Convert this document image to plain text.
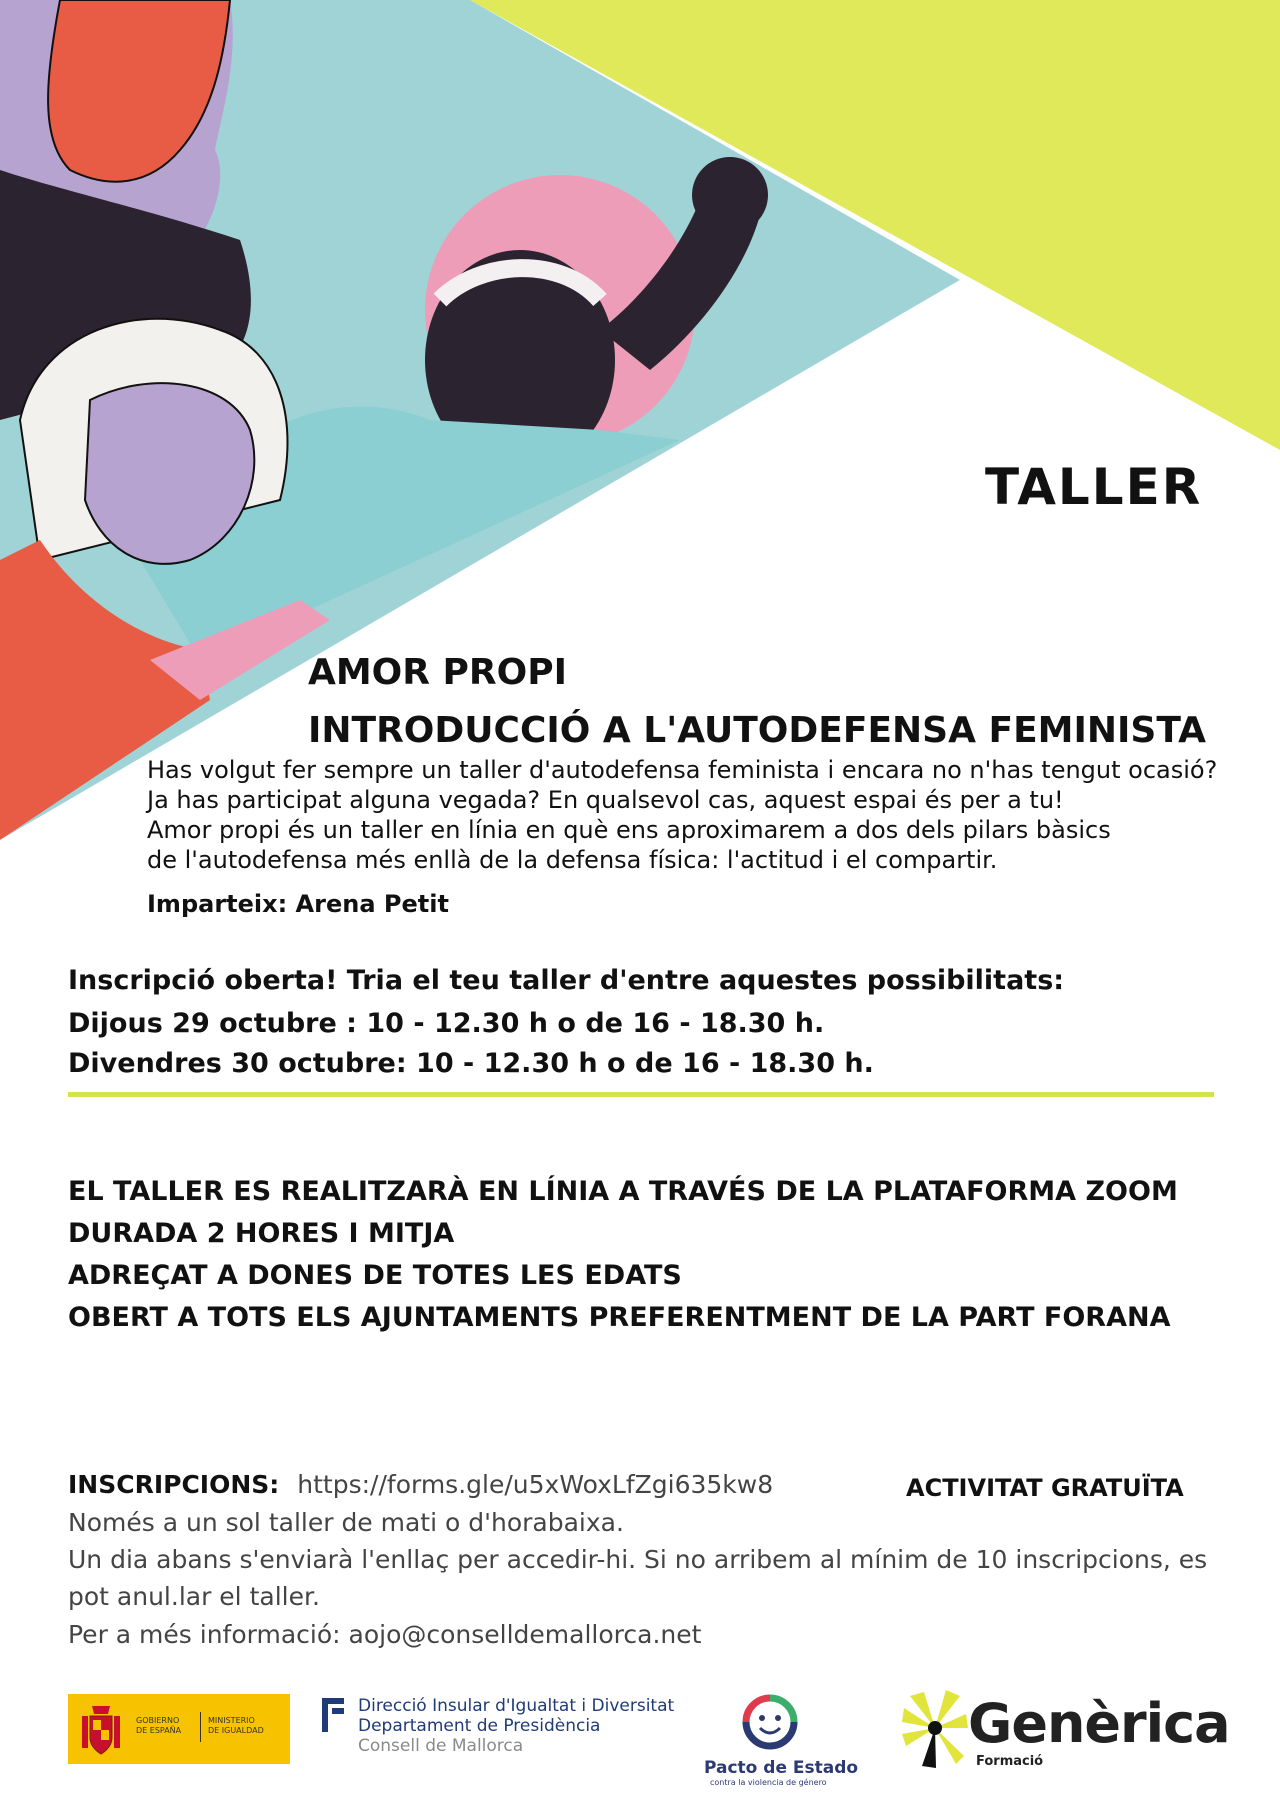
TALLER
AMOR PROPI
INTRODUCCIÓ A L'AUTODEFENSA FEMINISTA
Has volgut fer sempre un taller d'autodefensa feminista i encara no n'has tengut ocasió?
Ja has participat alguna vegada? En qualsevol cas, aquest espai és per a tu!
Amor propi és un taller en línia en què ens aproximarem a dos dels pilars bàsics
de l'autodefensa més enllà de la defensa física: l'actitud i el compartir.
Imparteix: Arena Petit
Inscripció oberta! Tria el teu taller d'entre aquestes possibilitats:
Dijous 29 octubre : 10 - 12.30 h o de 16 - 18.30 h.
Divendres 30 octubre: 10 - 12.30 h o de 16 - 18.30 h.
EL TALLER ES REALITZARÀ EN LÍNIA A TRAVÉS DE LA PLATAFORMA ZOOM
DURADA 2 HORES I MITJA
ADREÇAT A DONES DE TOTES LES EDATS
OBERT A TOTS ELS AJUNTAMENTS PREFERENTMENT DE LA PART FORANA
INSCRIPCIONS: https://forms.gle/u5xWoxLfZgi635kw8	ACTIVITAT GRATUÏTA
Només a un sol taller de mati o d'horabaixa.
Un dia abans s'enviarà l'enllaç per accedir-hi. Si no arribem al mínim de 10 inscripcions, es
pot anul.lar el taller.
Per a més informació: aojo@conselldemallorca.net
GOBIERNO
DE ESPAÑA
MINISTERIO
DE IGUALDAD
Direcció Insular d'Igualtat i Diversitat
Departament de Presidència
Consell de Mallorca
Pacto de Estado
contra la violencia de género
Genèrica
Formació
